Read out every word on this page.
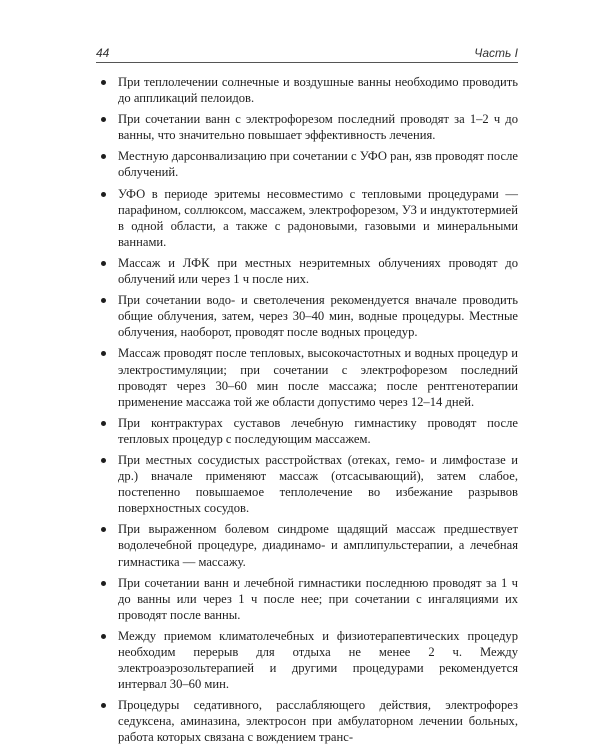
44	Часть I
При теплолечении солнечные и воздушные ванны необходимо проводить до аппликаций пелоидов.
При сочетании ванн с электрофорезом последний проводят за 1–2 ч до ванны, что значительно повышает эффективность лечения.
Местную дарсонвализацию при сочетании с УФО ран, язв проводят после облучений.
УФО в периоде эритемы несовместимо с тепловыми процедурами — парафином, соллюксом, массажем, электрофорезом, УЗ и индуктотермией в одной области, а также с радоновыми, газовыми и минеральными ваннами.
Массаж и ЛФК при местных неэритемных облучениях проводят до облучений или через 1 ч после них.
При сочетании водо- и светолечения рекомендуется вначале проводить общие облучения, затем, через 30–40 мин, водные процедуры. Местные облучения, наоборот, проводят после водных процедур.
Массаж проводят после тепловых, высокочастотных и водных процедур и электростимуляции; при сочетании с электрофорезом последний проводят через 30–60 мин после массажа; после рентгенотерапии применение массажа той же области допустимо через 12–14 дней.
При контрактурах суставов лечебную гимнастику проводят после тепловых процедур с последующим массажем.
При местных сосудистых расстройствах (отеках, гемо- и лимфостазе и др.) вначале применяют массаж (отсасывающий), затем слабое, постепенно повышаемое теплолечение во избежание разрывов поверхностных сосудов.
При выраженном болевом синдроме щадящий массаж предшествует водолечебной процедуре, диадинамо- и амплипульстерапии, а лечебная гимнастика — массажу.
При сочетании ванн и лечебной гимнастики последнюю проводят за 1 ч до ванны или через 1 ч после нее; при сочетании с ингаляциями их проводят после ванны.
Между приемом климатолечебных и физиотерапевтических процедур необходим перерыв для отдыха не менее 2 ч. Между электроаэрозольтерапией и другими процедурами рекомендуется интервал 30–60 мин.
Процедуры седативного, расслабляющего действия, электрофорез седуксена, аминазина, электросон при амбулаторном лечении больных, работа которых связана с вождением транс-
